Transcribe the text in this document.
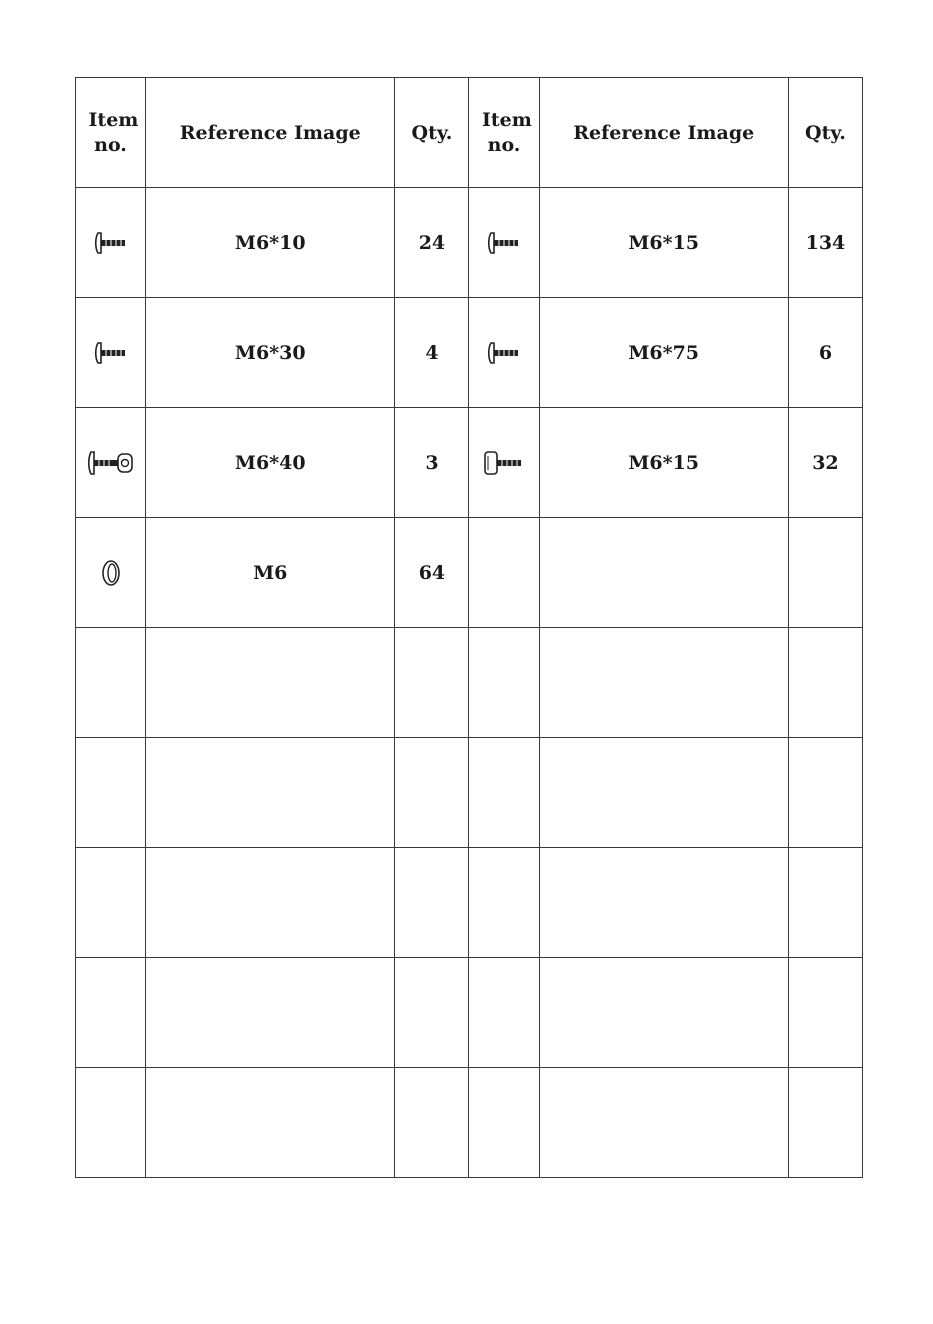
Item no.	Reference Image	Qty.	Item no.	Reference Image	Qty.

	M6*10	24		M6*15	134

	M6*30	4		M6*75	6

	M6*40	3		M6*15	32

	M6	64			
